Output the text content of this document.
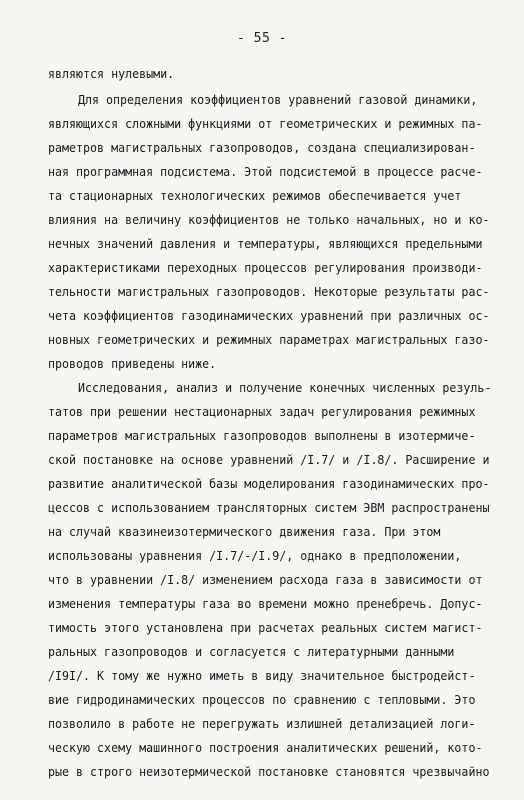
- 55 -
являются нулевыми.
Для определения коэффициентов уравнений газовой динамики,
являющихся сложными функциями от геометрических и режимных па-
раметров магистральных газопроводов, создана специализирован-
ная программная подсистема. Этой подсистемой в процессе расче-
та стационарных технологических режимов обеспечивается учет
влияния на величину коэффициентов не только начальных, но и ко-
нечных значений давления и температуры, являющихся предельными
характеристиками переходных процессов регулирования производи-
тельности магистральных газопроводов. Некоторые результаты рас-
чета коэффициентов газодинамических уравнений при различных ос-
новных геометрических и режимных параметрах магистральных газо-
проводов приведены ниже.
Исследования, анализ и получение конечных численных резуль-
татов при решении нестационарных задач регулирования режимных
параметров магистральных газопроводов выполнены в изотермиче-
ской постановке на основе уравнений /I.7/ и /I.8/. Расширение и
развитие аналитической базы моделирования газодинамических про-
цессов с использованием трансляторных систем ЭВМ распространены
на случай квазинеизотермического движения газа. При этом
использованы уравнения /I.7/-/I.9/, однако в предположении,
что в уравнении /I.8/ изменением расхода газа в зависимости от
изменения температуры газа во времени можно пренебречь. Допус-
тимость этого установлена при расчетах реальных систем магист-
ральных газопроводов и согласуется с литературными данными
/I9I/. К тому же нужно иметь в виду значительное быстродейст-
вие гидродинамических процессов по сравнению с тепловыми. Это
позволило в работе не перегружать излишней детализацией логи-
ческую схему машинного построения аналитических решений, кото-
рые в строго неизотермической постановке становятся чрезвычайно
